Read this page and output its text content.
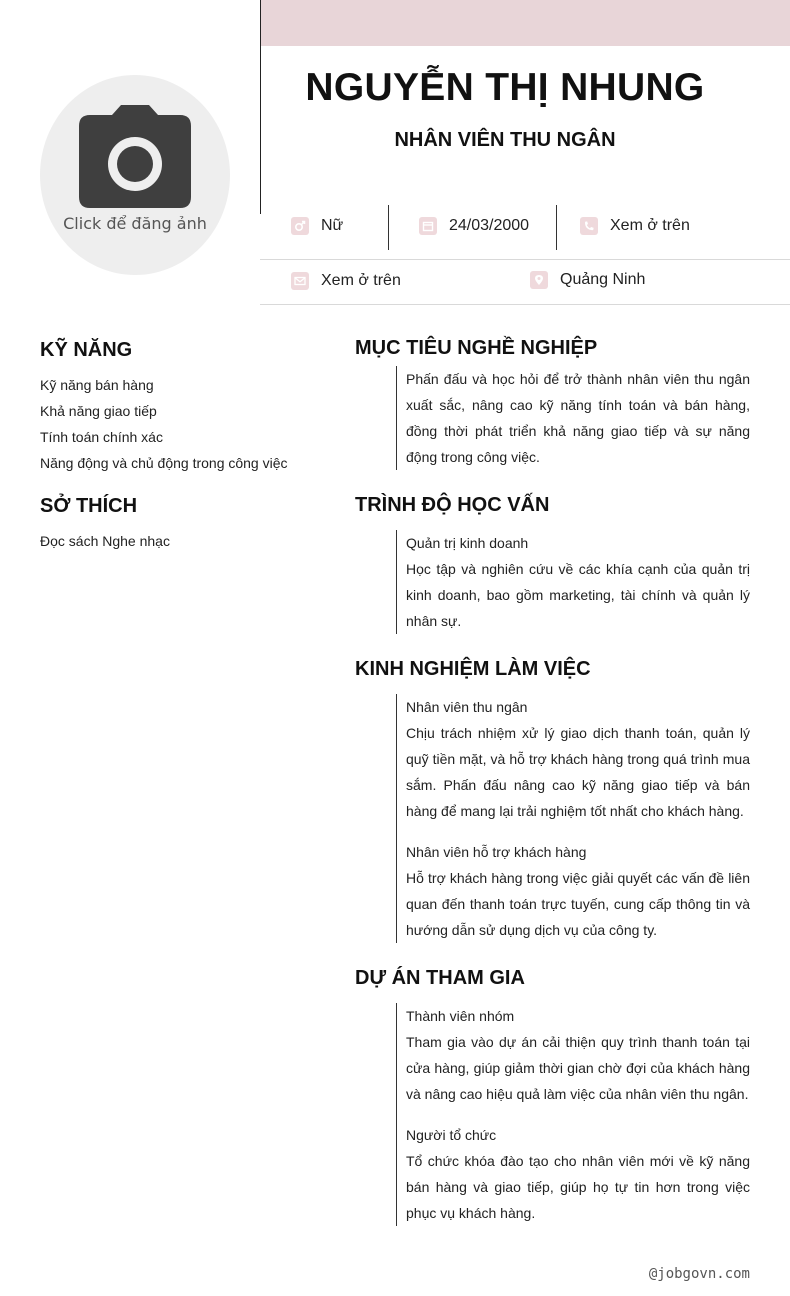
Click để đăng ảnh
NGUYỄN THỊ NHUNG
NHÂN VIÊN THU NGÂN
Nữ	24/03/2000	Xem ở trên
Xem ở trên	Quảng Ninh
KỸ NĂNG
Kỹ năng bán hàng
Khả năng giao tiếp
Tính toán chính xác
Năng động và chủ động trong công việc
SỞ THÍCH
Đọc sách Nghe nhạc
MỤC TIÊU NGHỀ NGHIỆP
Phấn đấu và học hỏi để trở thành nhân viên thu ngân xuất sắc, nâng cao kỹ năng tính toán và bán hàng, đồng thời phát triển khả năng giao tiếp và sự năng động trong công việc.
TRÌNH ĐỘ HỌC VẤN
Quản trị kinh doanh
Học tập và nghiên cứu về các khía cạnh của quản trị kinh doanh, bao gồm marketing, tài chính và quản lý nhân sự.
KINH NGHIỆM LÀM VIỆC
Nhân viên thu ngân
Chịu trách nhiệm xử lý giao dịch thanh toán, quản lý quỹ tiền mặt, và hỗ trợ khách hàng trong quá trình mua sắm. Phấn đấu nâng cao kỹ năng giao tiếp và bán hàng để mang lại trải nghiệm tốt nhất cho khách hàng.
Nhân viên hỗ trợ khách hàng
Hỗ trợ khách hàng trong việc giải quyết các vấn đề liên quan đến thanh toán trực tuyến, cung cấp thông tin và hướng dẫn sử dụng dịch vụ của công ty.
DỰ ÁN THAM GIA
Thành viên nhóm
Tham gia vào dự án cải thiện quy trình thanh toán tại cửa hàng, giúp giảm thời gian chờ đợi của khách hàng và nâng cao hiệu quả làm việc của nhân viên thu ngân.
Người tổ chức
Tổ chức khóa đào tạo cho nhân viên mới về kỹ năng bán hàng và giao tiếp, giúp họ tự tin hơn trong việc phục vụ khách hàng.
@jobgovn.com
